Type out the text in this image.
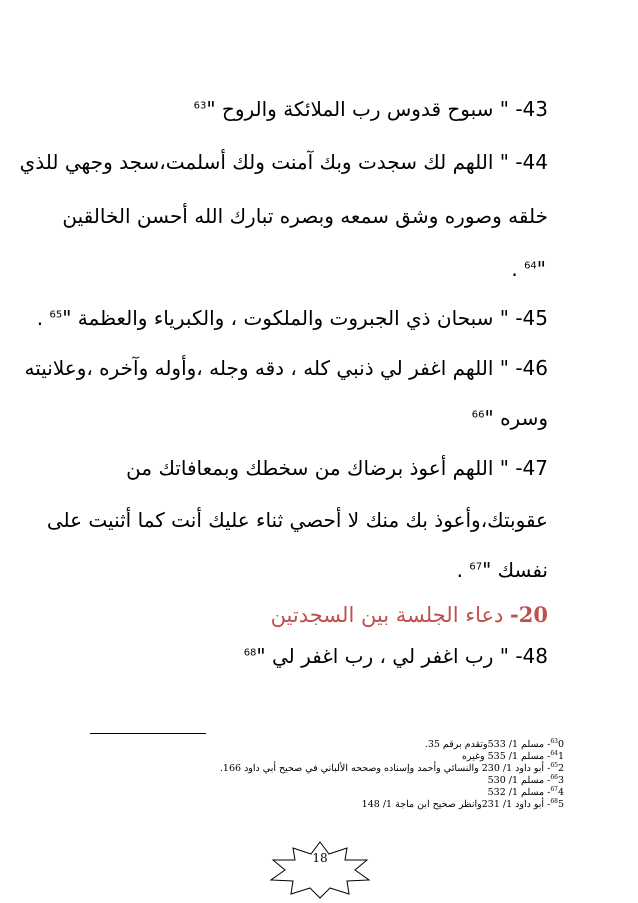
43- " سبوح قدوس رب الملائكة والروح "$^{63}$
44- " اللهم لك سجدت وبك آمنت ولك أسلمت،سجد وجهي للذي
خلقه وصوره وشق سمعه وبصره تبارك الله أحسن الخالقين
"$^{64}$ .
45- " سبحان ذي الجبروت والملكوت ، والكبرياء والعظمة "$^{65}$ .
46- " اللهم اغفر لي ذنبي كله ، دقه وجله ،وأوله وآخره ،وعلانيته
وسره "$^{66}$
47- " اللهم أعوذ برضاك من سخطك وبمعافاتك من
عقوبتك،وأعوذ بك منك لا أحصي ثناء عليك أنت كما أثنيت على
نفسك "$^{67}$ .
20- دعاء الجلسة بين السجدتين
48- " رب اغفر لي ، رب اغفر لي "$^{68}$
$^{63}$0- مسلم 1/ 533وتقدم برقم 35.
$^{64}$1- مسلم 1/ 535 وغيره
$^{65}$2- أبو داود 1/ 230 والنسائي وأحمد وإسناده وصححه الألباني في صحيح أبي داود 166.
$^{66}$3- مسلم 1/ 530
$^{67}$4- مسلم 1/ 532
$^{68}$5- أبو داود 1/ 231وانظر صحيح ابن ماجة 1/ 148
18
